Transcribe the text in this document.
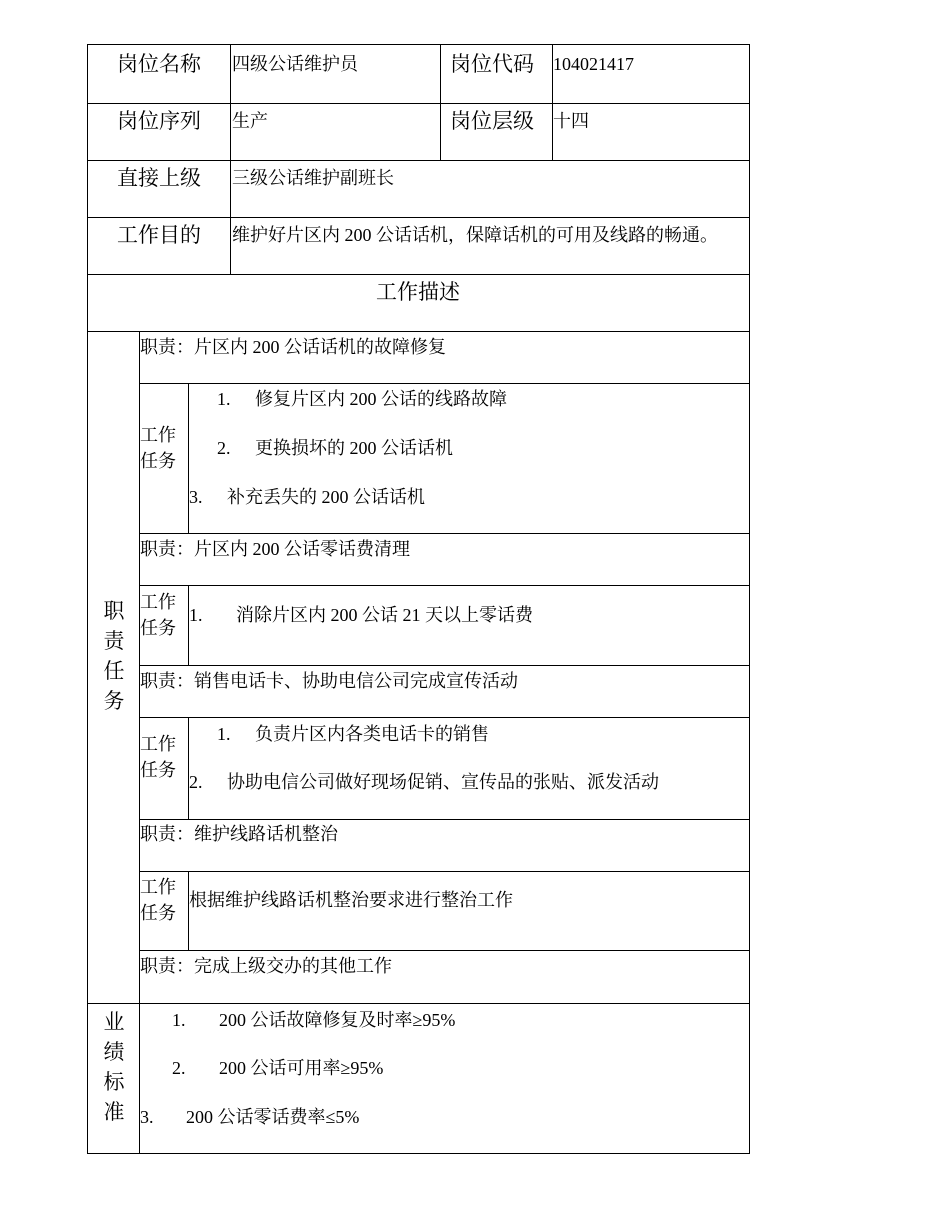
岗位名称 四级公话维护员	岗位代码 104021417
岗位序列 生产	岗位层级 十四
直接上级 三级公话维护副班长
工作目的 维护好片区内 200 公话话机，保障话机的可用及线路的畅通。
工作描述
职责任务
职责：片区内 200 公话话机的故障修复
工作任务
1. 修复片区内 200 公话的线路故障
2. 更换损坏的 200 公话话机
3. 补充丢失的 200 公话话机
职责：片区内 200 公话零话费清理
工作任务
1. 消除片区内 200 公话 21 天以上零话费
职责：销售电话卡、协助电信公司完成宣传活动
工作任务
1. 负责片区内各类电话卡的销售
2. 协助电信公司做好现场促销、宣传品的张贴、派发活动
职责：维护线路话机整治
工作任务
根据维护线路话机整治要求进行整治工作
职责：完成上级交办的其他工作
业绩标准
1. 200 公话故障修复及时率≥95%
2. 200 公话可用率≥95%
3. 200 公话零话费率≤5%
